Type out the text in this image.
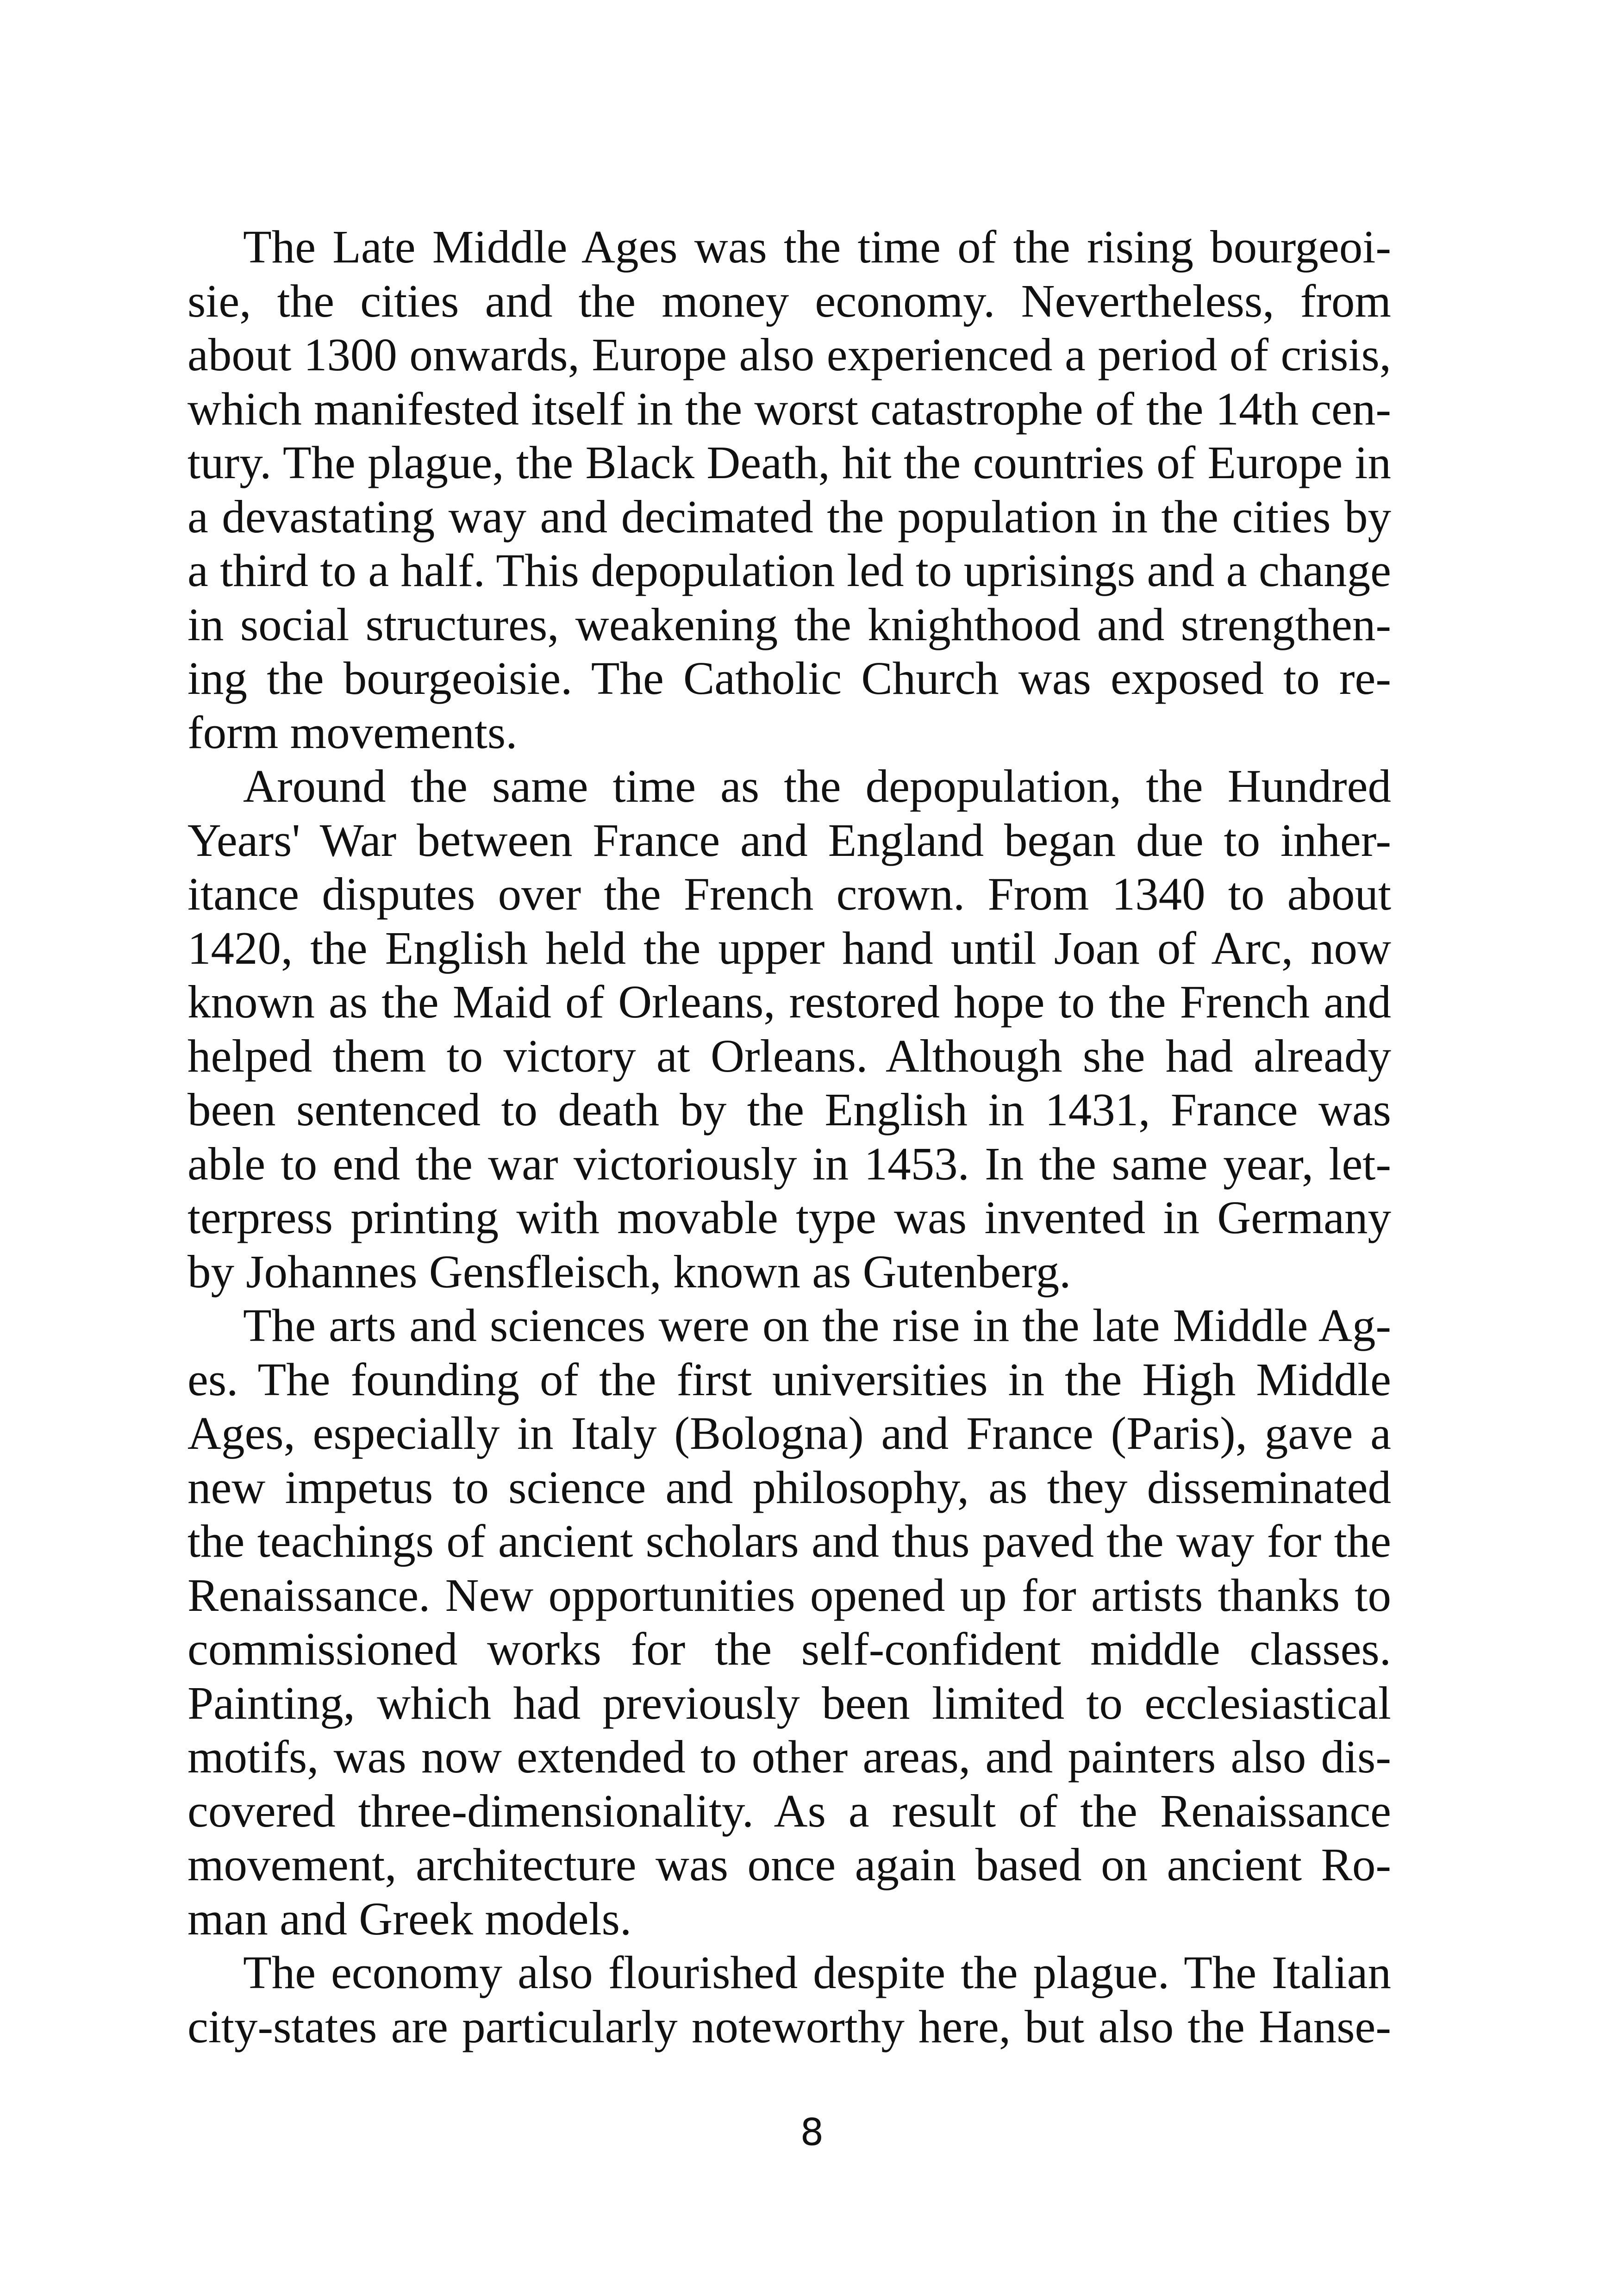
The Late Middle Ages was the time of the rising bourgeoi-
sie, the cities and the money economy. Nevertheless, from
about 1300 onwards, Europe also experienced a period of crisis,
which manifested itself in the worst catastrophe of the 14th cen-
tury. The plague, the Black Death, hit the countries of Europe in
a devastating way and decimated the population in the cities by
a third to a half. This depopulation led to uprisings and a change
in social structures, weakening the knighthood and strengthen-
ing the bourgeoisie. The Catholic Church was exposed to re-
form movements.
Around the same time as the depopulation, the Hundred
Years' War between France and England began due to inher-
itance disputes over the French crown. From 1340 to about
1420, the English held the upper hand until Joan of Arc, now
known as the Maid of Orleans, restored hope to the French and
helped them to victory at Orleans. Although she had already
been sentenced to death by the English in 1431, France was
able to end the war victoriously in 1453. In the same year, let-
terpress printing with movable type was invented in Germany
by Johannes Gensfleisch, known as Gutenberg.
The arts and sciences were on the rise in the late Middle Ag-
es. The founding of the first universities in the High Middle
Ages, especially in Italy (Bologna) and France (Paris), gave a
new impetus to science and philosophy, as they disseminated
the teachings of ancient scholars and thus paved the way for the
Renaissance. New opportunities opened up for artists thanks to
commissioned works for the self-confident middle classes.
Painting, which had previously been limited to ecclesiastical
motifs, was now extended to other areas, and painters also dis-
covered three-dimensionality. As a result of the Renaissance
movement, architecture was once again based on ancient Ro-
man and Greek models.
The economy also flourished despite the plague. The Italian
city-states are particularly noteworthy here, but also the Hanse-
8
